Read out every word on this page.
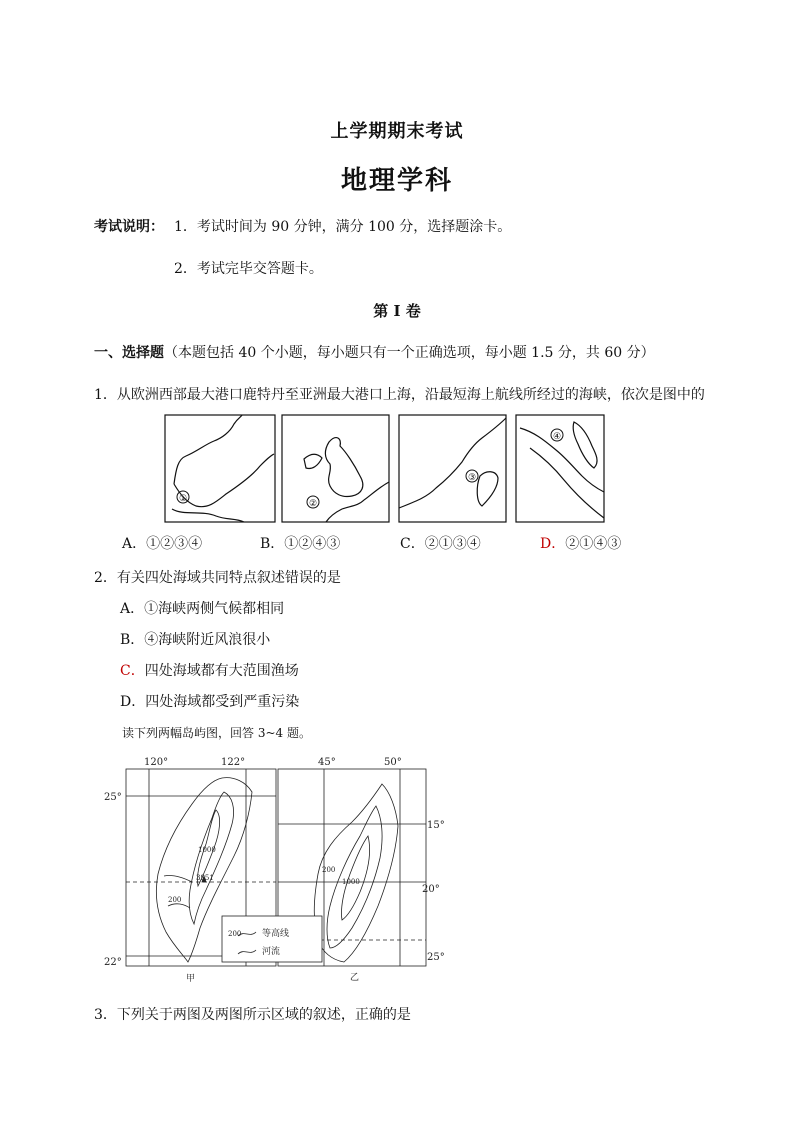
上学期期末考试
地理学科
考试说明： 1．考试时间为 90 分钟，满分 100 分，选择题涂卡。
2．考试完毕交答题卡。
第 I 卷
一、选择题（本题包括 40 个小题，每小题只有一个正确选项，每小题 1.5 分，共 60 分）
1．从欧洲西部最大港口鹿特丹至亚洲最大港口上海，沿最短海上航线所经过的海峡，依次是图中的
①	②
③
④
A．①②③④	B．①②④③	C．②①③④	D．②①④③
2．有关四处海域共同特点叙述错误的是
A．①海峡两侧气候都相同
B．④海峡附近风浪很小
C．四处海域都有大范围渔场
D．四处海域都受到严重污染
读下列两幅岛屿图，回答 3~4 题。
120°	122°
25°
22°
1000
3951
200
甲
45°	50°
15°
20°
25°
200
1000
乙
200 等高线
河流
3．下列关于两图及两图所示区域的叙述，正确的是
